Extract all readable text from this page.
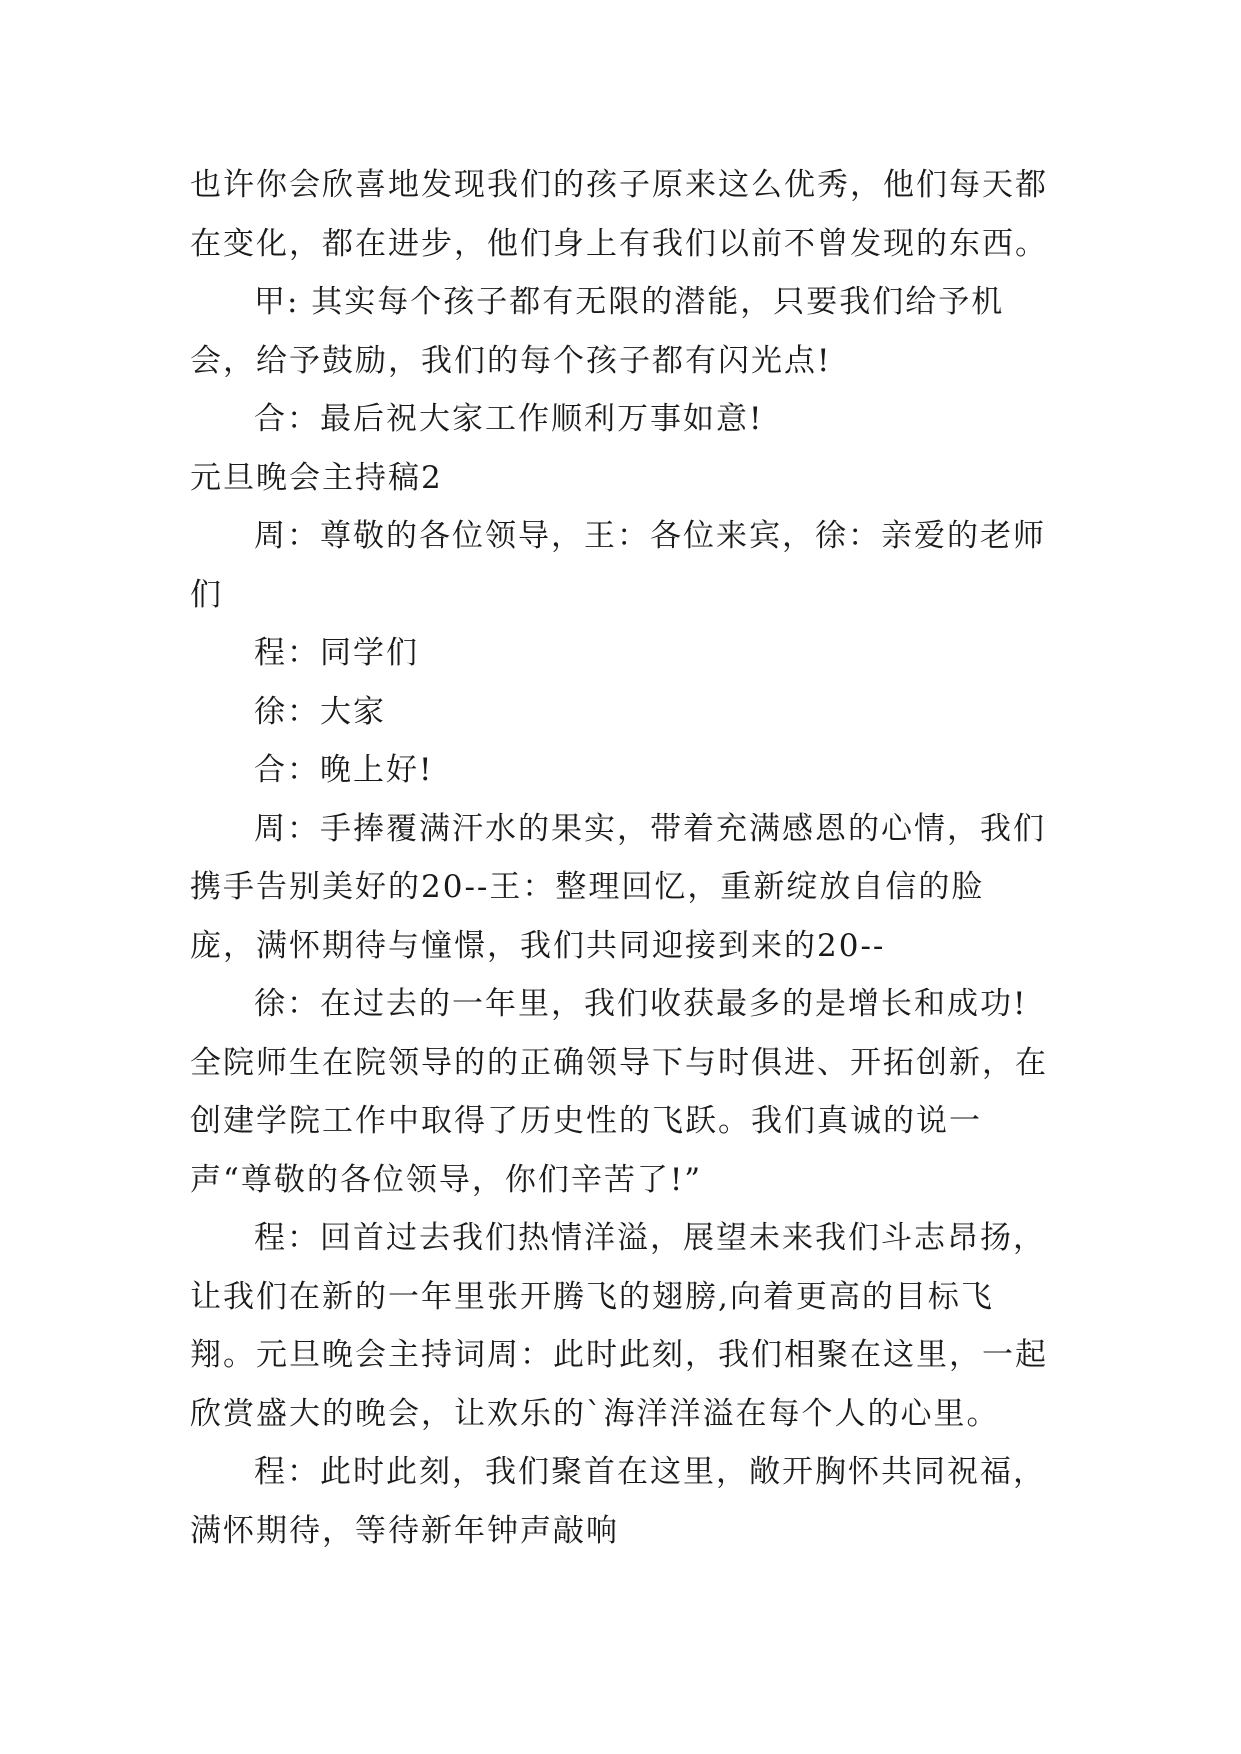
也许你会欣喜地发现我们的孩子原来这么优秀，他们每天都在变化，都在进步，他们身上有我们以前不曾发现的东西。

甲: 其实每个孩子都有无限的潜能，只要我们给予机会，给予鼓励，我们的每个孩子都有闪光点!

合：最后祝大家工作顺利万事如意!

元旦晚会主持稿2

周：尊敬的各位领导，王：各位来宾，徐：亲爱的老师们

程：同学们

徐：大家

合：晚上好!

周：手捧覆满汗水的果实，带着充满感恩的心情，我们携手告别美好的20--王：整理回忆，重新绽放自信的脸庞，满怀期待与憧憬，我们共同迎接到来的20--

徐：在过去的一年里，我们收获最多的是增长和成功!全院师生在院领导的的正确领导下与时俱进、开拓创新，在创建学院工作中取得了历史性的飞跃。我们真诚的说一声“尊敬的各位领导，你们辛苦了!”

程：回首过去我们热情洋溢，展望未来我们斗志昂扬，让我们在新的一年里张开腾飞的翅膀,向着更高的目标飞翔。元旦晚会主持词周：此时此刻，我们相聚在这里，一起欣赏盛大的晚会，让欢乐的`海洋洋溢在每个人的心里。

程：此时此刻，我们聚首在这里，敞开胸怀共同祝福，满怀期待，等待新年钟声敲响
